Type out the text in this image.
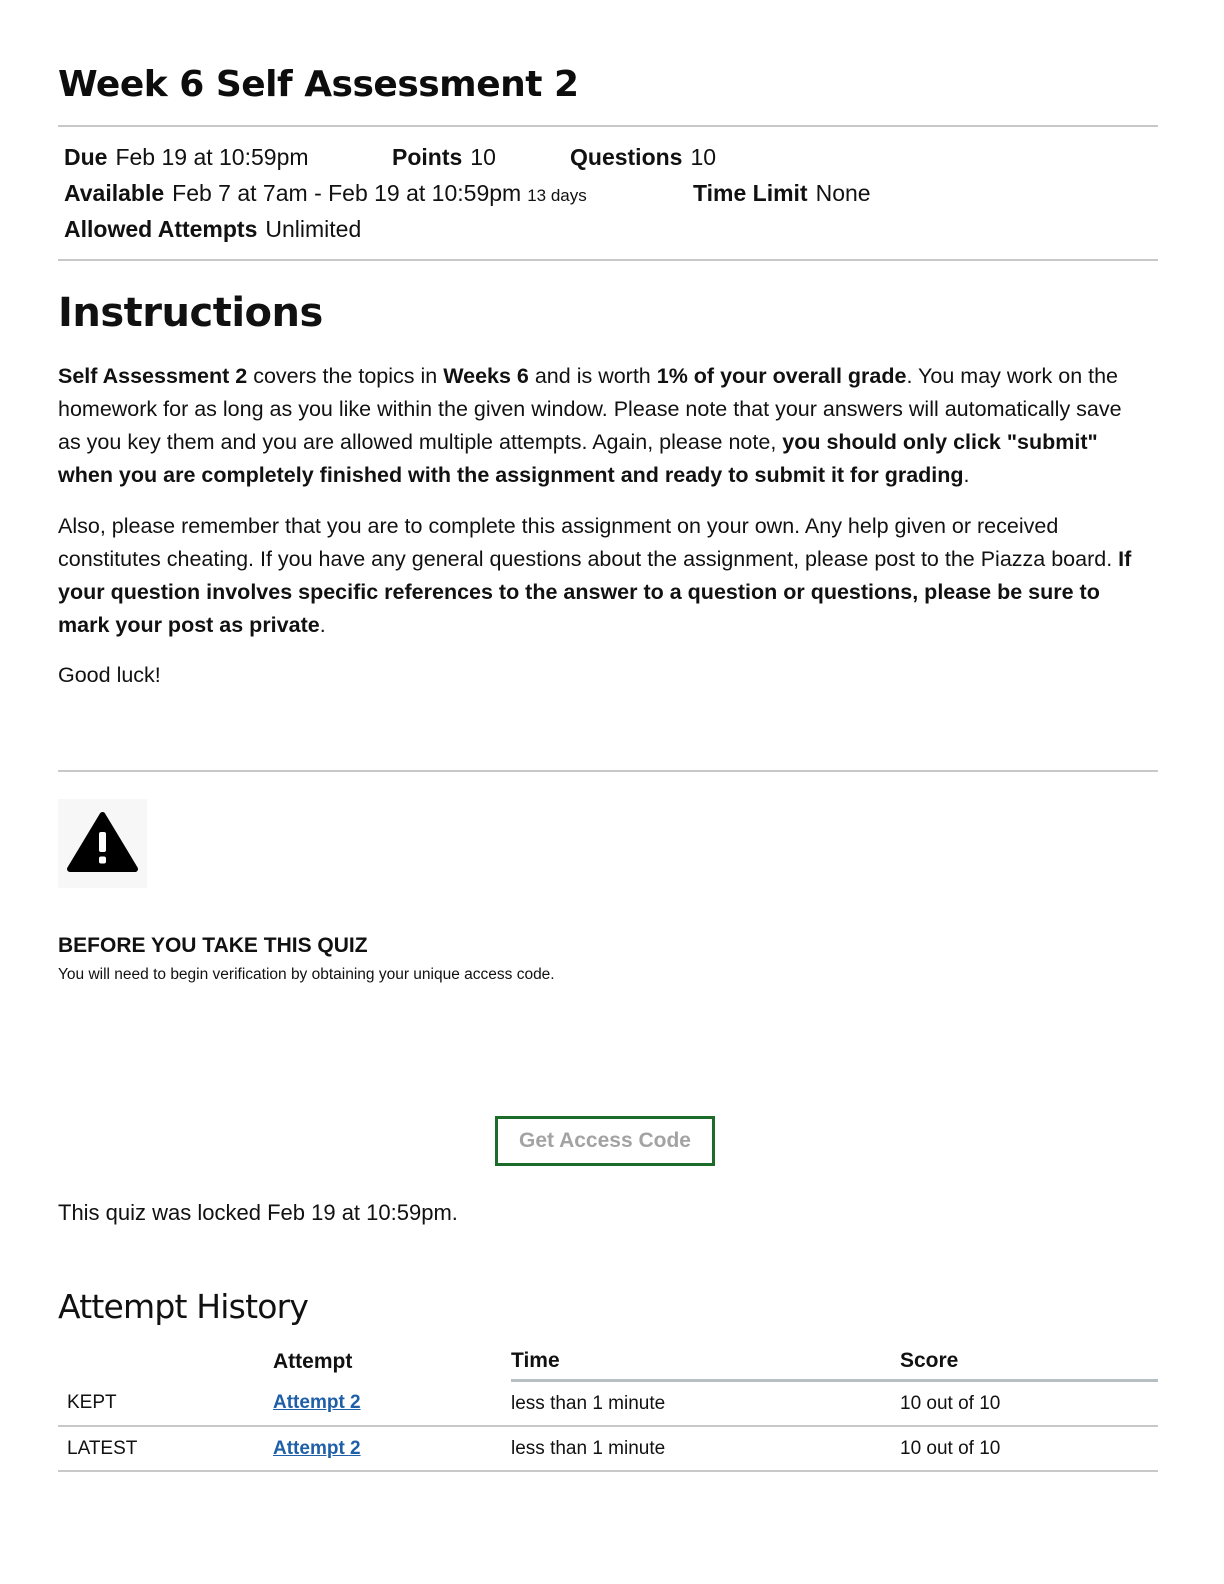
Week 6 Self Assessment 2
Due Feb 19 at 10:59pm	Points 10	Questions 10
Available Feb 7 at 7am - Feb 19 at 10:59pm 13 days	Time Limit None
Allowed Attempts Unlimited
Instructions

Self Assessment 2 covers the topics in Weeks 6 and is worth 1% of your overall grade. You may work on the homework for as long as you like within the given window. Please note that your answers will automatically save as you key them and you are allowed multiple attempts. Again, please note, you should only click "submit" when you are completely finished with the assignment and ready to submit it for grading.

Also, please remember that you are to complete this assignment on your own. Any help given or received constitutes cheating. If you have any general questions about the assignment, please post to the Piazza board. If your question involves specific references to the answer to a question or questions, please be sure to mark your post as private.

Good luck!

BEFORE YOU TAKE THIS QUIZ

You will need to begin verification by obtaining your unique access code.

Get Access Code

This quiz was locked Feb 19 at 10:59pm.

Attempt History
	Attempt	Time	Score
KEPT	Attempt 2	less than 1 minute	10 out of 10
LATEST	Attempt 2	less than 1 minute	10 out of 10
